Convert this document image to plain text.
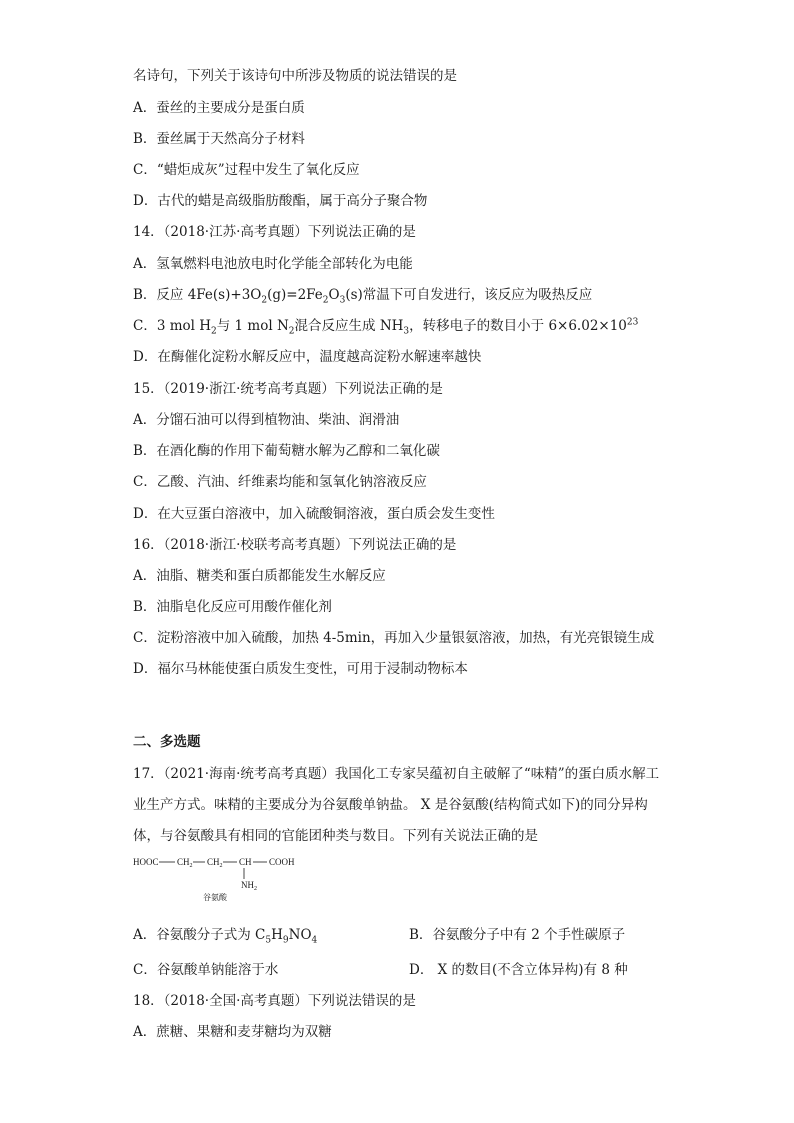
名诗句，下列关于该诗句中所涉及物质的说法错误的是
A．蚕丝的主要成分是蛋白质
B．蚕丝属于天然高分子材料
C．“蜡炬成灰”过程中发生了氧化反应
D．古代的蜡是高级脂肪酸酯，属于高分子聚合物
14．（2018·江苏·高考真题）下列说法正确的是
A．氢氧燃料电池放电时化学能全部转化为电能
B．反应 $4Fe(s)+3O_2(g)=2Fe_2O_3(s)$常温下可自发进行，该反应为吸热反应
C．3 mol $H_2$与 1 mol $N_2$混合反应生成 $NH_3$，转移电子的数目小于 $6\times 6.02\times 10^{23}$
D．在酶催化淀粉水解反应中，温度越高淀粉水解速率越快
15．（2019·浙江·统考高考真题）下列说法正确的是
A．分馏石油可以得到植物油、柴油、润滑油
B．在酒化酶的作用下葡萄糖水解为乙醇和二氧化碳
C．乙酸、汽油、纤维素均能和氢氧化钠溶液反应
D．在大豆蛋白溶液中，加入硫酸铜溶液，蛋白质会发生变性
16．（2018·浙江·校联考高考真题）下列说法正确的是
A．油脂、糖类和蛋白质都能发生水解反应
B．油脂皂化反应可用酸作催化剂
C．淀粉溶液中加入硫酸，加热 4-5min，再加入少量银氨溶液，加热，有光亮银镜生成
D．福尔马林能使蛋白质发生变性，可用于浸制动物标本
二、多选题
17．（2021·海南·统考高考真题）我国化工专家吴蕴初自主破解了“味精”的蛋白质水解工
业生产方式。味精的主要成分为谷氨酸单钠盐。 X 是谷氨酸(结构简式如下)的同分异构
体，与谷氨酸具有相同的官能团种类与数目。下列有关说法正确的是
HOOC $CH_2$ $CH_2$ CH COOH
$NH_2$
谷氨酸
A．谷氨酸分子式为 $C_5H_9NO_4$	B．谷氨酸分子中有 2 个手性碳原子
C．谷氨酸单钠能溶于水	D． X 的数目(不含立体异构)有 8 种
18．（2018·全国·高考真题）下列说法错误的是
A．蔗糖、果糖和麦芽糖均为双糖
